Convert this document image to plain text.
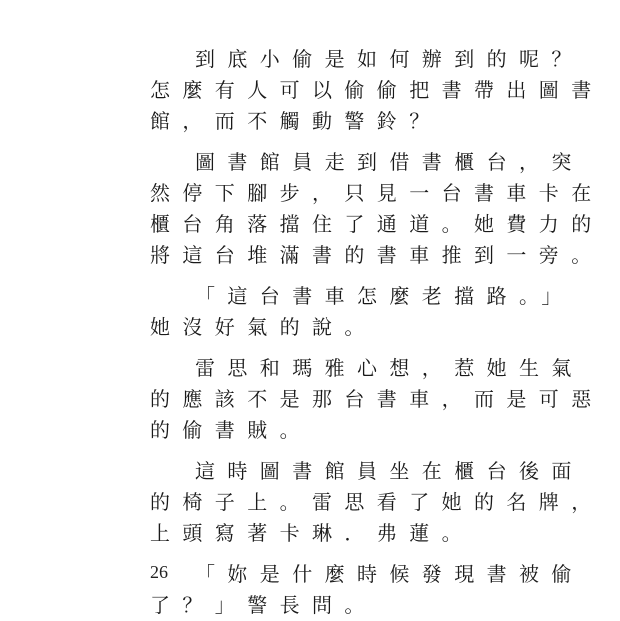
到底小偷是如何辦到的呢？
怎麼有人可以偷偷把書帶出圖書
館，而不觸動警鈴？
圖書館員走到借書櫃台，突
然停下腳步，只見一台書車卡在
櫃台角落擋住了通道。她費力的
將這台堆滿書的書車推到一旁。
「這台書車怎麼老擋路。」
她沒好氣的說。
雷思和瑪雅心想，惹她生氣
的應該不是那台書車，而是可惡
的偷書賊。
這時圖書館員坐在櫃台後面
的椅子上。雷思看了她的名牌，
上頭寫著卡琳．弗蓮。
「妳是什麼時候發現書被偷
了？」警長問。
26
